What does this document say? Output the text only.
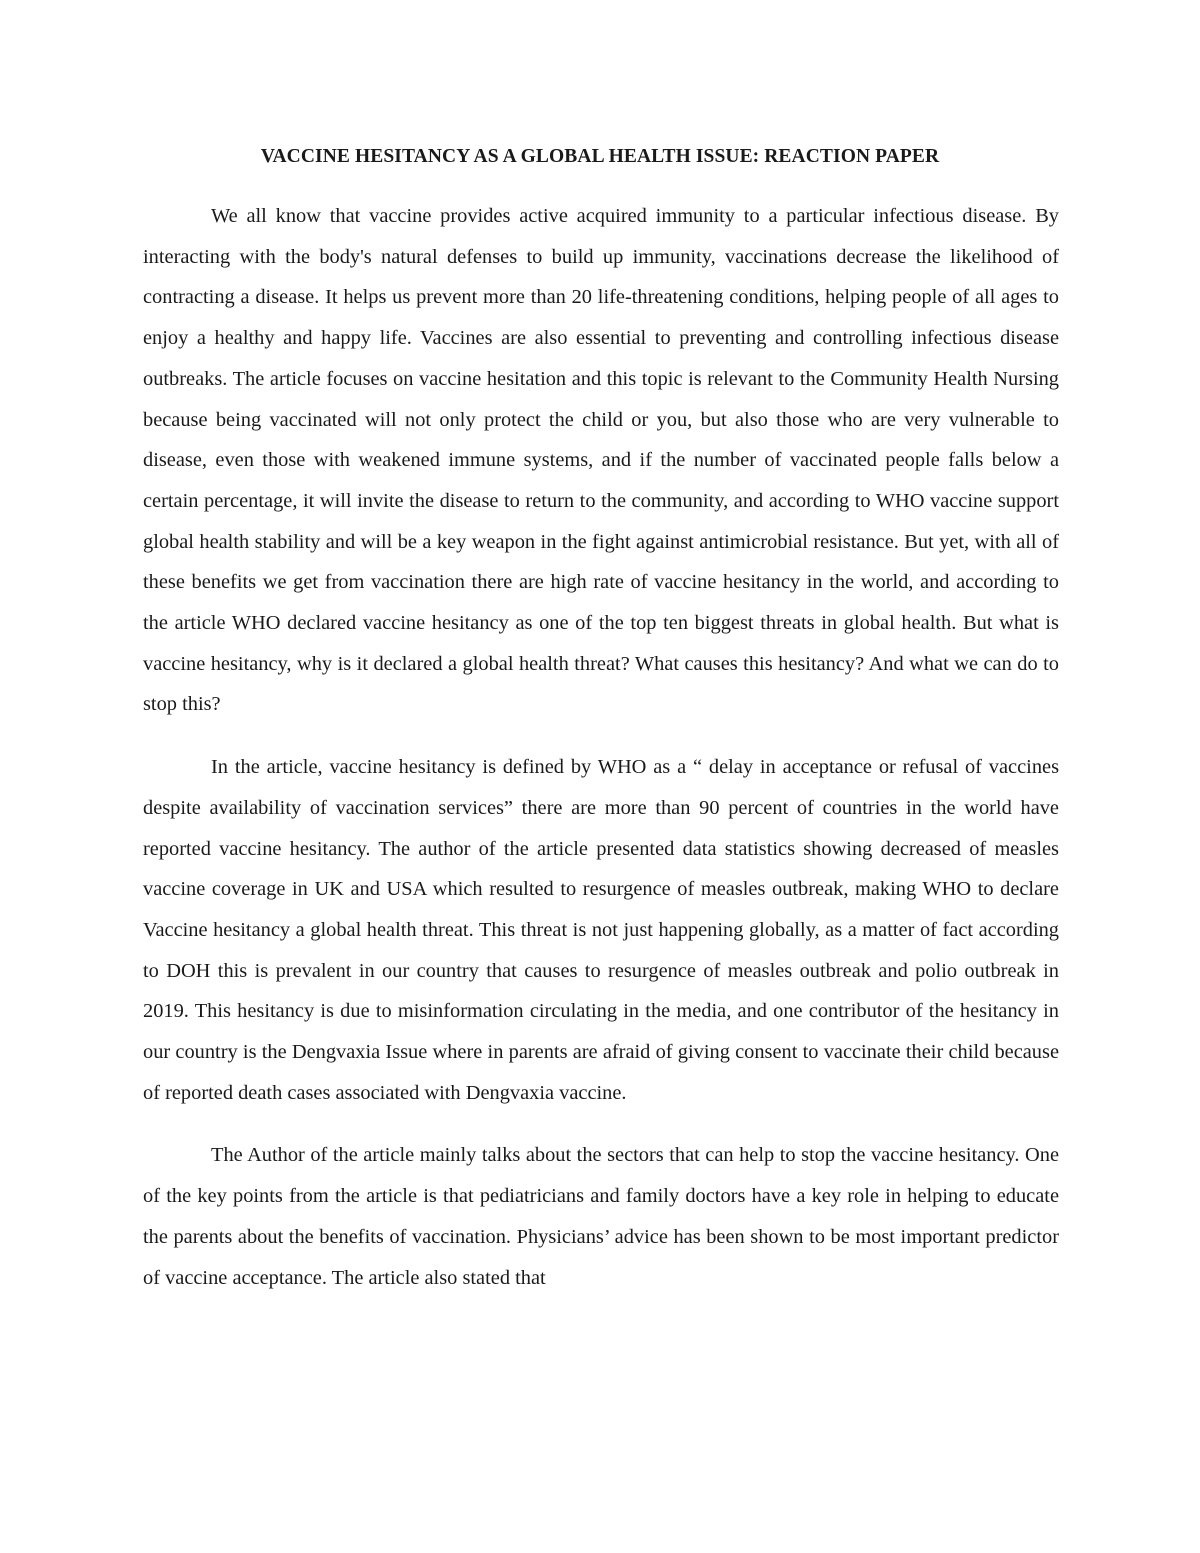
VACCINE HESITANCY AS A GLOBAL HEALTH ISSUE: REACTION PAPER

We all know that vaccine provides active acquired immunity to a particular infectious disease. By interacting with the body's natural defenses to build up immunity, vaccinations decrease the likelihood of contracting a disease. It helps us prevent more than 20 life-threatening conditions, helping people of all ages to enjoy a healthy and happy life. Vaccines are also essential to preventing and controlling infectious disease outbreaks. The article focuses on vaccine hesitation and this topic is relevant to the Community Health Nursing because being vaccinated will not only protect the child or you, but also those who are very vulnerable to disease, even those with weakened immune systems, and if the number of vaccinated people falls below a certain percentage, it will invite the disease to return to the community, and according to WHO vaccine support global health stability and will be a key weapon in the fight against antimicrobial resistance. But yet, with all of these benefits we get from vaccination there are high rate of vaccine hesitancy in the world, and according to the article WHO declared vaccine hesitancy as one of the top ten biggest threats in global health. But what is vaccine hesitancy, why is it declared a global health threat? What causes this hesitancy? And what we can do to stop this?

In the article, vaccine hesitancy is defined by WHO as a “ delay in acceptance or refusal of vaccines despite availability of vaccination services” there are more than 90 percent of countries in the world have reported vaccine hesitancy. The author of the article presented data statistics showing decreased of measles vaccine coverage in UK and USA which resulted to resurgence of measles outbreak, making WHO to declare Vaccine hesitancy a global health threat. This threat is not just happening globally, as a matter of fact according to DOH this is prevalent in our country that causes to resurgence of measles outbreak and polio outbreak in 2019. This hesitancy is due to misinformation circulating in the media, and one contributor of the hesitancy in our country is the Dengvaxia Issue where in parents are afraid of giving consent to vaccinate their child because of reported death cases associated with Dengvaxia vaccine.

The Author of the article mainly talks about the sectors that can help to stop the vaccine hesitancy. One of the key points from the article is that pediatricians and family doctors have a key role in helping to educate the parents about the benefits of vaccination. Physicians’ advice has been shown to be most important predictor of vaccine acceptance. The article also stated that
